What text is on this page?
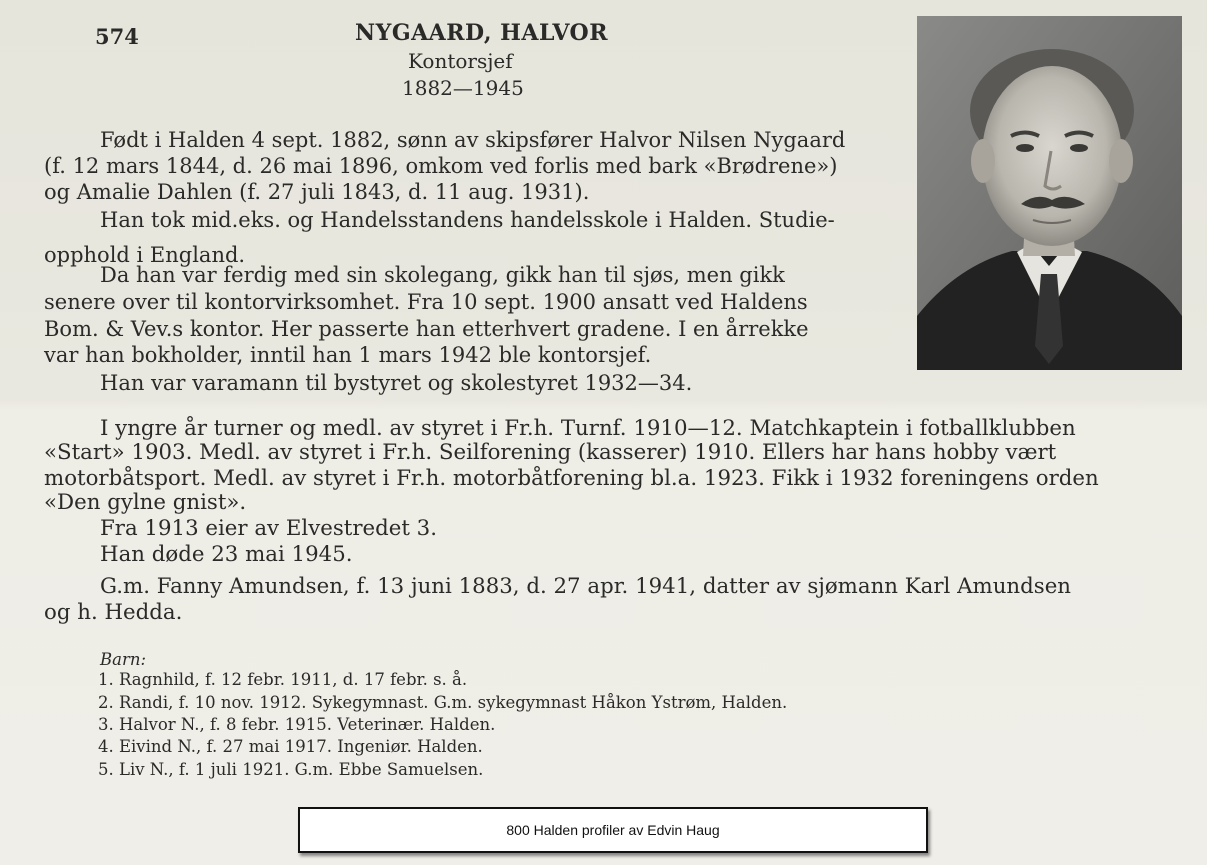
574	NYGAARD, HALVOR
Kontorsjef
1882—1945
Født i Halden 4 sept. 1882, sønn av skipsfører Halvor Nilsen Nygaard
(f. 12 mars 1844, d. 26 mai 1896, omkom ved forlis med bark «Brødrene»)
og Amalie Dahlen (f. 27 juli 1843, d. 11 aug. 1931).
Han tok mid.eks. og Handelsstandens handelsskole i Halden. Studie-
opphold i England.
Da han var ferdig med sin skolegang, gikk han til sjøs, men gikk
senere over til kontorvirksomhet. Fra 10 sept. 1900 ansatt ved Haldens
Bom. & Vev.s kontor. Her passerte han etterhvert gradene. I en årrekke
var han bokholder, inntil han 1 mars 1942 ble kontorsjef.
Han var varamann til bystyret og skolestyret 1932—34.
I yngre år turner og medl. av styret i Fr.h. Turnf. 1910—12. Matchkaptein i fotballklubben
«Start» 1903. Medl. av styret i Fr.h. Seilforening (kasserer) 1910. Ellers har hans hobby vært
motorbåtsport. Medl. av styret i Fr.h. motorbåtforening bl.a. 1923. Fikk i 1932 foreningens orden
«Den gylne gnist».
Fra 1913 eier av Elvestredet 3.
Han døde 23 mai 1945.
G.m. Fanny Amundsen, f. 13 juni 1883, d. 27 apr. 1941, datter av sjømann Karl Amundsen
og h. Hedda.
Barn:
1. Ragnhild, f. 12 febr. 1911, d. 17 febr. s. å.
2. Randi, f. 10 nov. 1912. Sykegymnast. G.m. sykegymnast Håkon Ystrøm, Halden.
3. Halvor N., f. 8 febr. 1915. Veterinær. Halden.
4. Eivind N., f. 27 mai 1917. Ingeniør. Halden.
5. Liv N., f. 1 juli 1921. G.m. Ebbe Samuelsen.
800 Halden profiler av Edvin Haug
